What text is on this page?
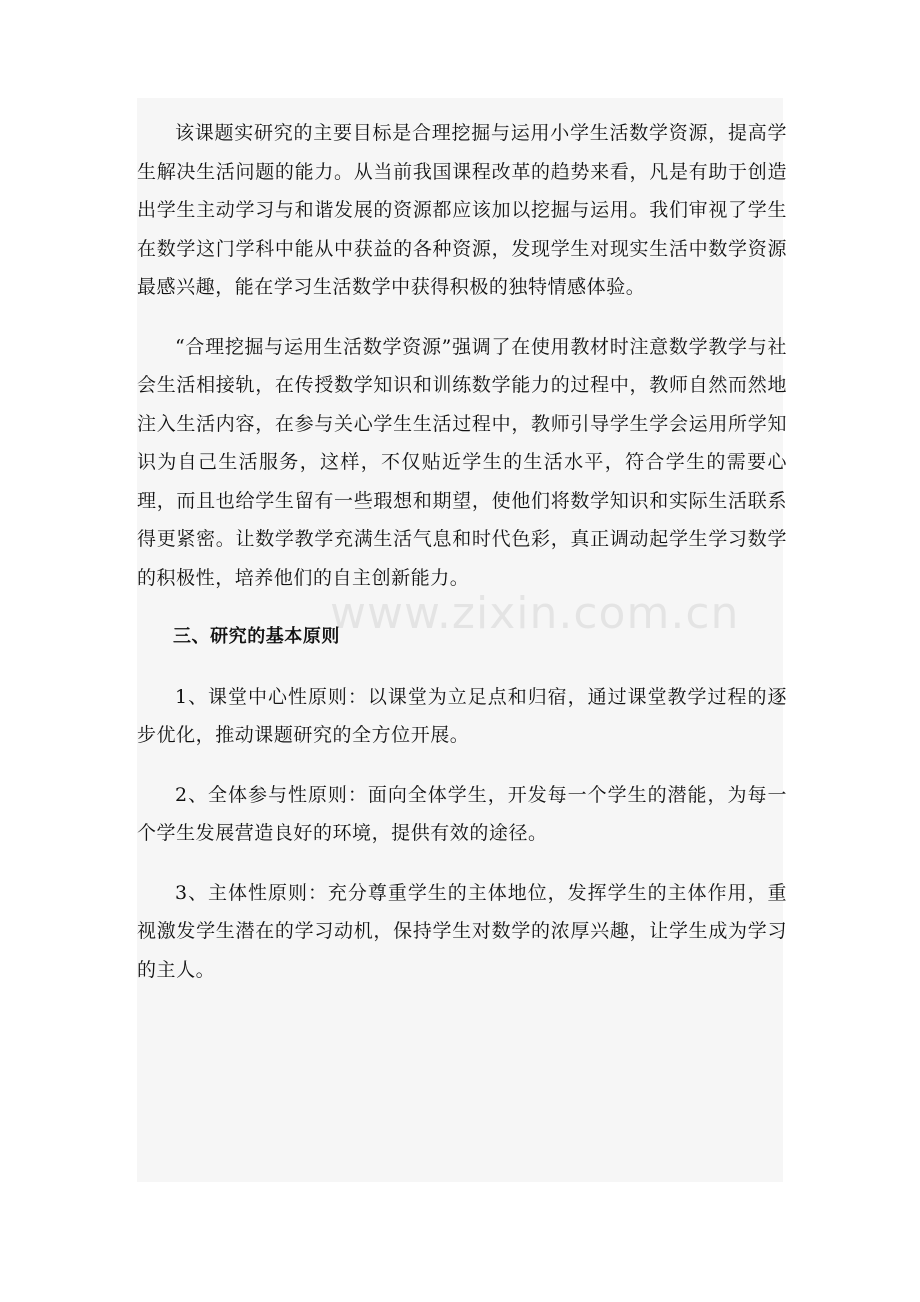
该课题实研究的主要目标是合理挖掘与运用小学生活数学资源，提高学生解决生活问题的能力。从当前我国课程改革的趋势来看，凡是有助于创造出学生主动学习与和谐发展的资源都应该加以挖掘与运用。我们审视了学生在数学这门学科中能从中获益的各种资源，发现学生对现实生活中数学资源最感兴趣，能在学习生活数学中获得积极的独特情感体验。

“合理挖掘与运用生活数学资源”强调了在使用教材时注意数学教学与社会生活相接轨，在传授数学知识和训练数学能力的过程中，教师自然而然地注入生活内容，在参与关心学生生活过程中，教师引导学生学会运用所学知识为自己生活服务，这样，不仅贴近学生的生活水平，符合学生的需要心理，而且也给学生留有一些瑕想和期望，使他们将数学知识和实际生活联系得更紧密。让数学教学充满生活气息和时代色彩，真正调动起学生学习数学的积极性，培养他们的自主创新能力。

三、研究的基本原则

1、课堂中心性原则：以课堂为立足点和归宿，通过课堂教学过程的逐步优化，推动课题研究的全方位开展。

2、全体参与性原则：面向全体学生，开发每一个学生的潜能，为每一个学生发展营造良好的环境，提供有效的途径。

3、主体性原则：充分尊重学生的主体地位，发挥学生的主体作用，重视激发学生潜在的学习动机，保持学生对数学的浓厚兴趣，让学生成为学习的主人。
